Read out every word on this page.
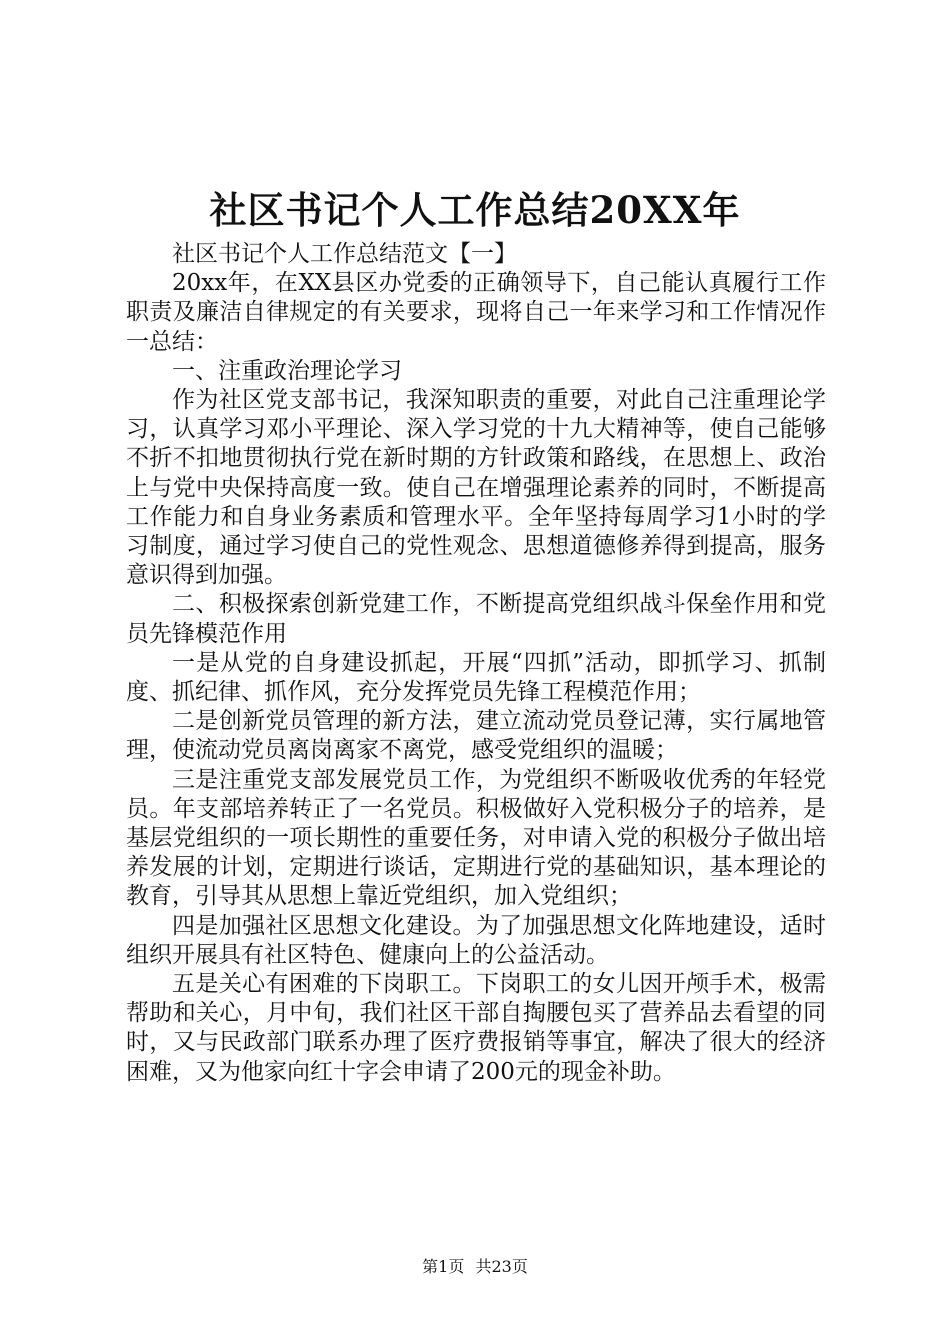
社区书记个人工作总结20XX年

社区书记个人工作总结范文【一】

20xx年，在XX县区办党委的正确领导下，自己能认真履行工作职责及廉洁自律规定的有关要求，现将自己一年来学习和工作情况作一总结：

一、注重政治理论学习

作为社区党支部书记，我深知职责的重要，对此自己注重理论学习，认真学习邓小平理论、深入学习党的十九大精神等，使自己能够不折不扣地贯彻执行党在新时期的方针政策和路线，在思想上、政治上与党中央保持高度一致。使自己在增强理论素养的同时，不断提高工作能力和自身业务素质和管理水平。全年坚持每周学习1小时的学习制度，通过学习使自己的党性观念、思想道德修养得到提高，服务意识得到加强。

二、积极探索创新党建工作，不断提高党组织战斗保垒作用和党员先锋模范作用

一是从党的自身建设抓起，开展“四抓”活动，即抓学习、抓制度、抓纪律、抓作风，充分发挥党员先锋工程模范作用；

二是创新党员管理的新方法，建立流动党员登记薄，实行属地管理，使流动党员离岗离家不离党，感受党组织的温暖；

三是注重党支部发展党员工作，为党组织不断吸收优秀的年轻党员。年支部培养转正了一名党员。积极做好入党积极分子的培养，是基层党组织的一项长期性的重要任务，对申请入党的积极分子做出培养发展的计划，定期进行谈话，定期进行党的基础知识，基本理论的教育，引导其从思想上靠近党组织，加入党组织；

四是加强社区思想文化建设。为了加强思想文化阵地建设，适时组织开展具有社区特色、健康向上的公益活动。

五是关心有困难的下岗职工。下岗职工的女儿因开颅手术，极需帮助和关心，月中旬，我们社区干部自掏腰包买了营养品去看望的同时，又与民政部门联系办理了医疗费报销等事宜，解决了很大的经济困难，又为他家向红十字会申请了200元的现金补助。

第1页 共23页
